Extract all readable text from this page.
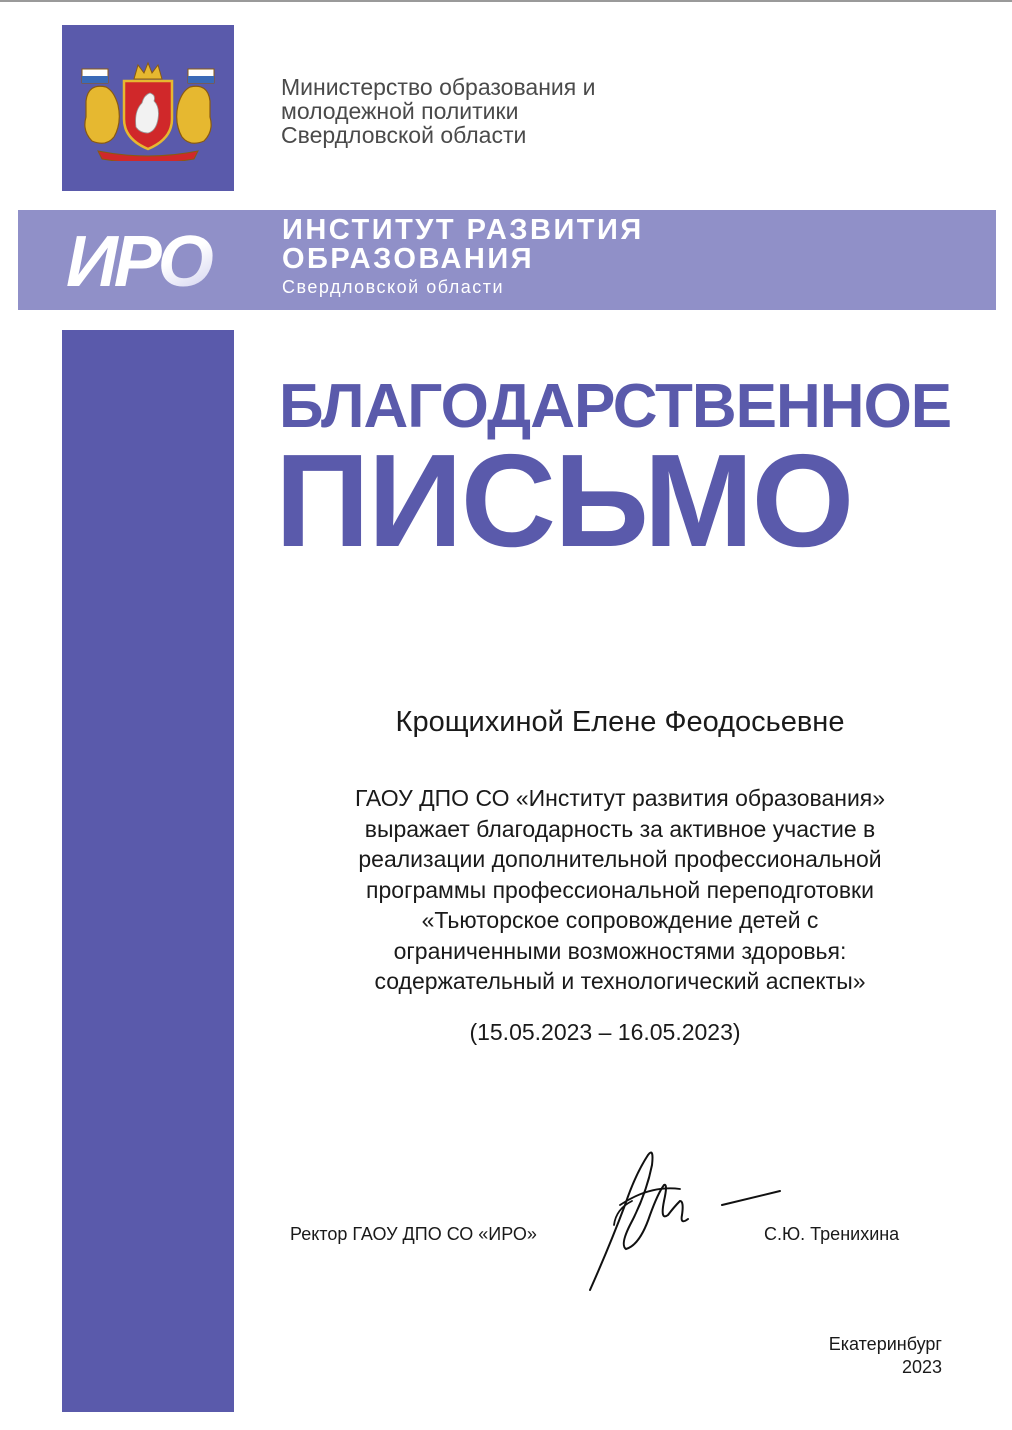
Министерство образования и
молодежной политики
Свердловской области
ИРО ИНСТИТУТ РАЗВИТИЯ
ОБРАЗОВАНИЯ
Свердловской области
БЛАГОДАРСТВЕННОЕ
ПИСЬМО
Крощихиной Елене Феодосьевне
ГАОУ ДПО СО «Институт развития образования»
выражает благодарность за активное участие в
реализации дополнительной профессиональной
программы профессиональной переподготовки
«Тьюторское сопровождение детей с
ограниченными возможностями здоровья:
содержательный и технологический аспекты»
(15.05.2023 – 16.05.2023)
Ректор ГАОУ ДПО СО «ИРО»	С.Ю. Тренихина
Екатеринбург
2023
